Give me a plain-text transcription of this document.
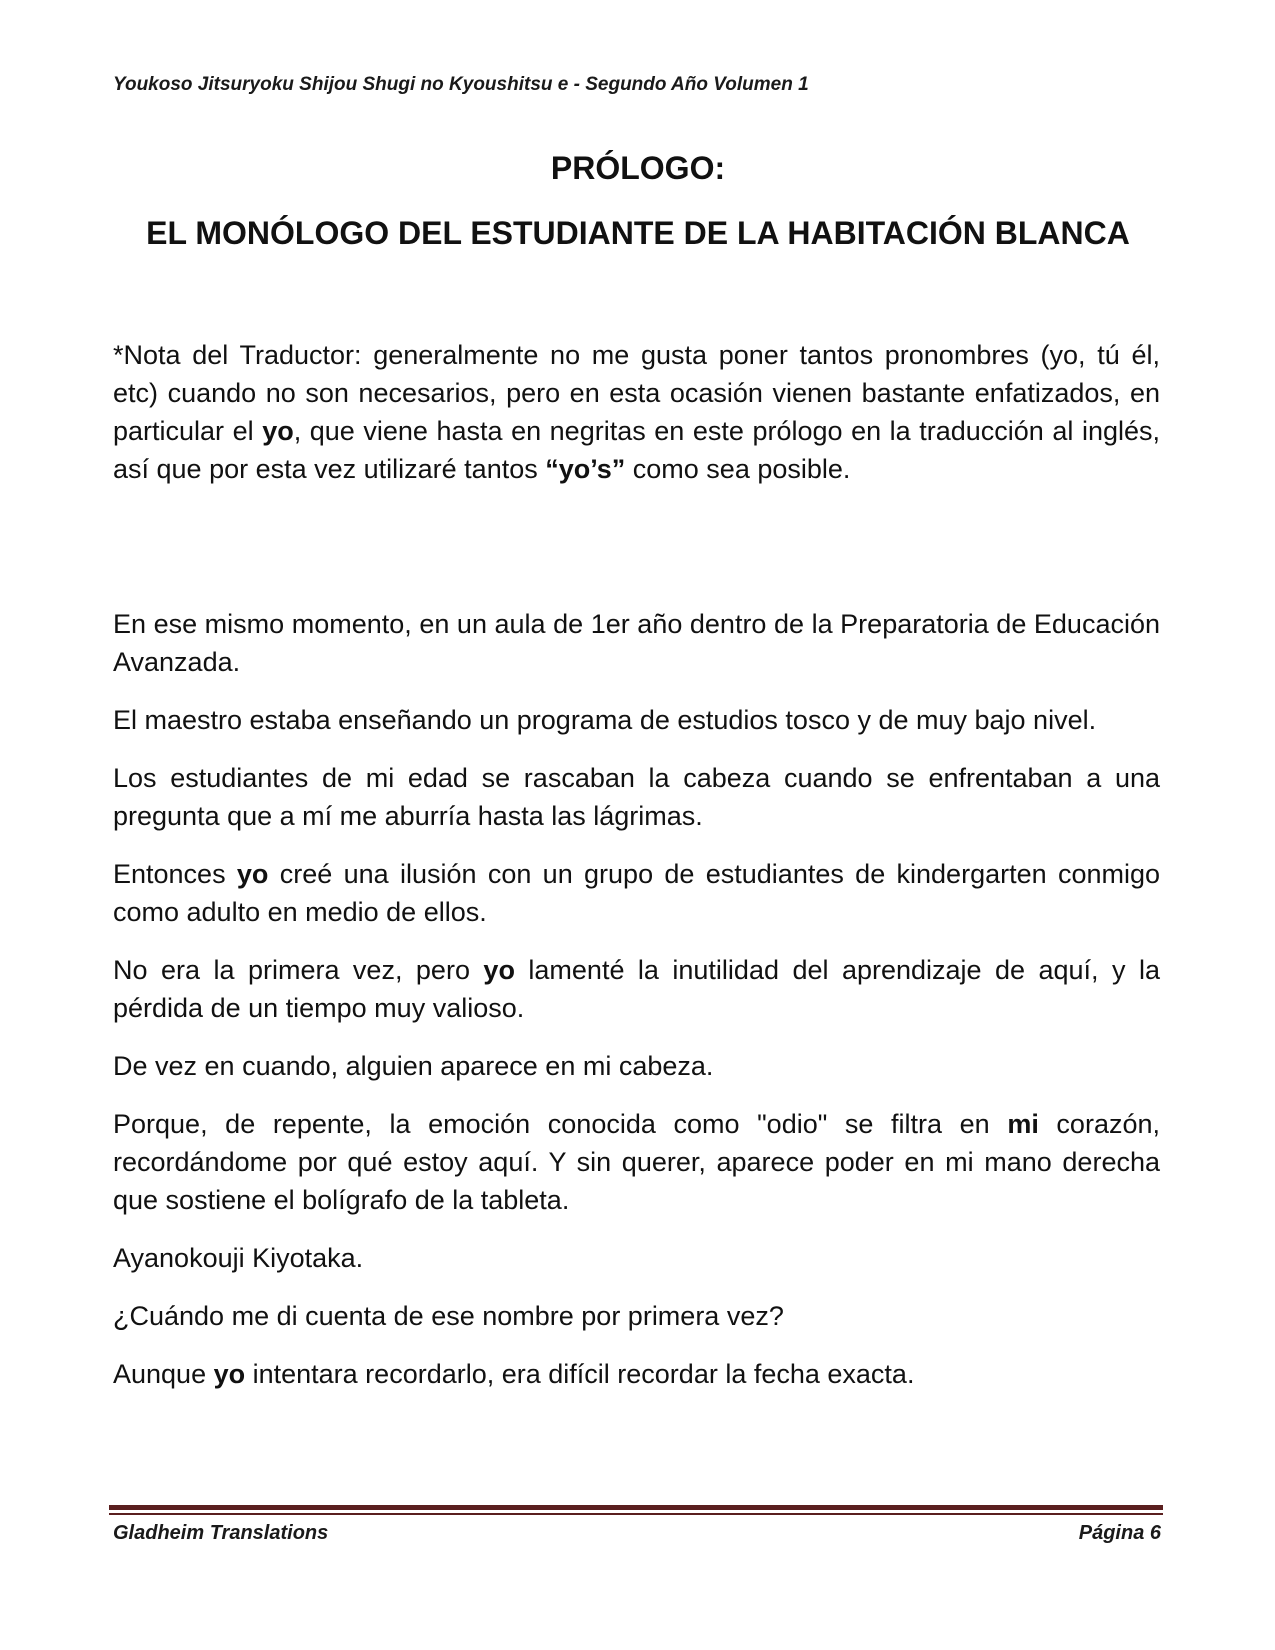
Youkoso Jitsuryoku Shijou Shugi no Kyoushitsu e - Segundo Año Volumen 1
PRÓLOGO:
EL MONÓLOGO DEL ESTUDIANTE DE LA HABITACIÓN BLANCA

*Nota del Traductor: generalmente no me gusta poner tantos pronombres (yo, tú él, etc) cuando no son necesarios, pero en esta ocasión vienen bastante enfatizados, en particular el yo, que viene hasta en negritas en este prólogo en la traducción al inglés, así que por esta vez utilizaré tantos “yo’s” como sea posible.

En ese mismo momento, en un aula de 1er año dentro de la Preparatoria de Educación Avanzada.

El maestro estaba enseñando un programa de estudios tosco y de muy bajo nivel.

Los estudiantes de mi edad se rascaban la cabeza cuando se enfrentaban a una pregunta que a mí me aburría hasta las lágrimas.

Entonces yo creé una ilusión con un grupo de estudiantes de kindergarten conmigo como adulto en medio de ellos.

No era la primera vez, pero yo lamenté la inutilidad del aprendizaje de aquí, y la pérdida de un tiempo muy valioso.

De vez en cuando, alguien aparece en mi cabeza.

Porque, de repente, la emoción conocida como "odio" se filtra en mi corazón, recordándome por qué estoy aquí. Y sin querer, aparece poder en mi mano derecha que sostiene el bolígrafo de la tableta.

Ayanokouji Kiyotaka.

¿Cuándo me di cuenta de ese nombre por primera vez?

Aunque yo intentara recordarlo, era difícil recordar la fecha exacta.

Gladheim Translations	Página 6
